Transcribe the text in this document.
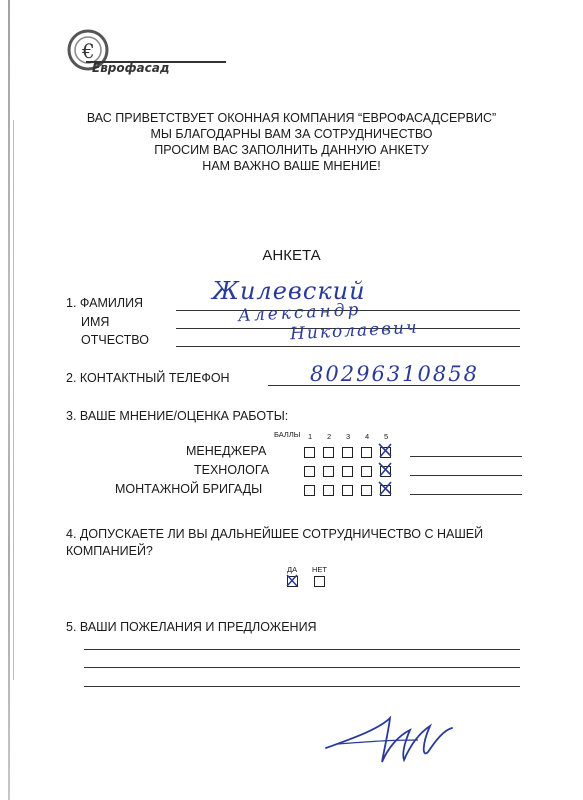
€
Еврофасад
ВАС ПРИВЕТСТВУЕТ ОКОННАЯ КОМПАНИЯ “ЕВРОФАСАДСЕРВИС”
МЫ БЛАГОДАРНЫ ВАМ ЗА СОТРУДНИЧЕСТВО
ПРОСИМ ВАС ЗАПОЛНИТЬ ДАННУЮ АНКЕТУ
НАМ ВАЖНО ВАШЕ МНЕНИЕ!
АНКЕТА
1. ФАМИЛИЯ
ИМЯ
ОТЧЕСТВО
Жилевский
Александр
Николаевич
2. КОНТАКТНЫЙ ТЕЛЕФОН	80296310858
3. ВАШЕ МНЕНИЕ/ОЦЕНКА РАБОТЫ:
БАЛЛЫ 1 2 3 4 5
МЕНЕДЖЕРА
ТЕХНОЛОГА
МОНТАЖНОЙ БРИГАДЫ
4. ДОПУСКАЕТЕ ЛИ ВЫ ДАЛЬНЕЙШЕЕ СОТРУДНИЧЕСТВО С НАШЕЙ
КОМПАНИЕЙ?
ДА НЕТ
5. ВАШИ ПОЖЕЛАНИЯ И ПРЕДЛОЖЕНИЯ
